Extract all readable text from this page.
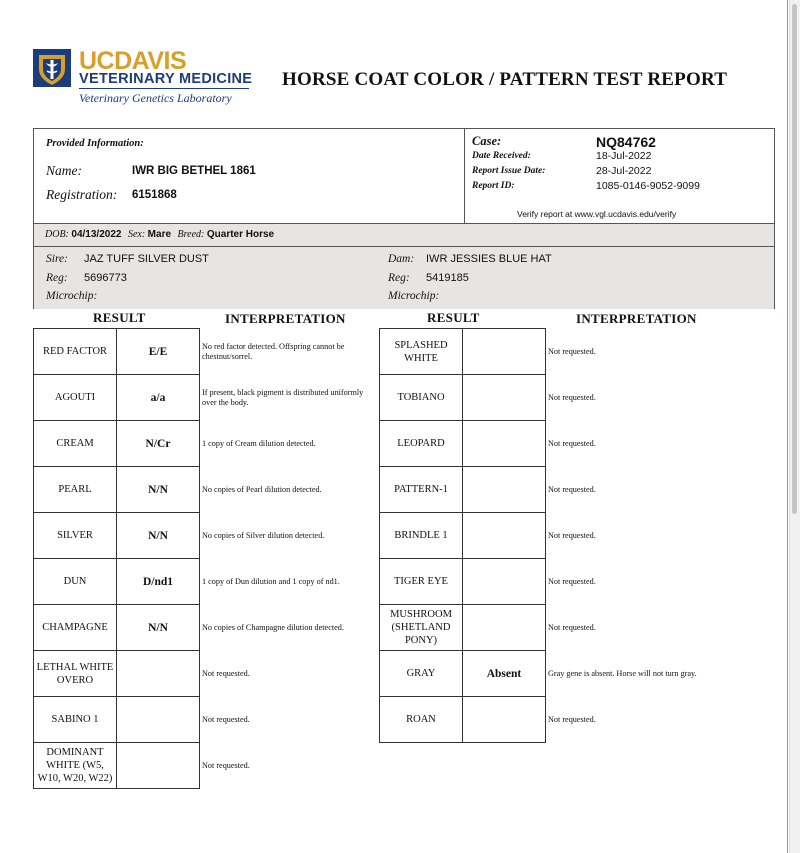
UCDAVIS
VETERINARY MEDICINE
Veterinary Genetics Laboratory
HORSE COAT COLOR / PATTERN TEST REPORT
Provided Information:
Name:	IWR BIG BETHEL 1861
Registration: 6151868
Case:	NQ84762
Date Received:	18-Jul-2022
Report Issue Date:	28-Jul-2022
Report ID:	1085-0146-9052-9099
Verify report at www.vgl.ucdavis.edu/verify
DOB: 04/13/2022 Sex: Mare Breed: Quarter Horse
Sire: JAZ TUFF SILVER DUST
Reg: 5696773
Microchip:
Dam: IWR JESSIES BLUE HAT
Reg: 5419185
Microchip:
RESULT	INTERPRETATION	RESULT	INTERPRETATION
RED FACTOR	E/E	No red factor detected. Offspring cannot be chestnut/sorrel.
AGOUTI	a/a	If present, black pigment is distributed uniformly over the body.
CREAM	N/Cr	1 copy of Cream dilution detected.
PEARL	N/N	No copies of Pearl dilution detected.
SILVER	N/N	No copies of Silver dilution detected.
DUN	D/nd1	1 copy of Dun dilution and 1 copy of nd1.
CHAMPAGNE	N/N	No copies of Champagne dilution detected.
LETHAL WHITE OVERO		Not requested.
SABINO 1		Not requested.
DOMINANT WHITE (W5, W10, W20, W22)		Not requested.
SPLASHED WHITE		Not requested.
TOBIANO		Not requested.
LEOPARD		Not requested.
PATTERN-1		Not requested.
BRINDLE 1		Not requested.
TIGER EYE		Not requested.
MUSHROOM (SHETLAND PONY)		Not requested.
GRAY	Absent	Gray gene is absent. Horse will not turn gray.
ROAN		Not requested.
